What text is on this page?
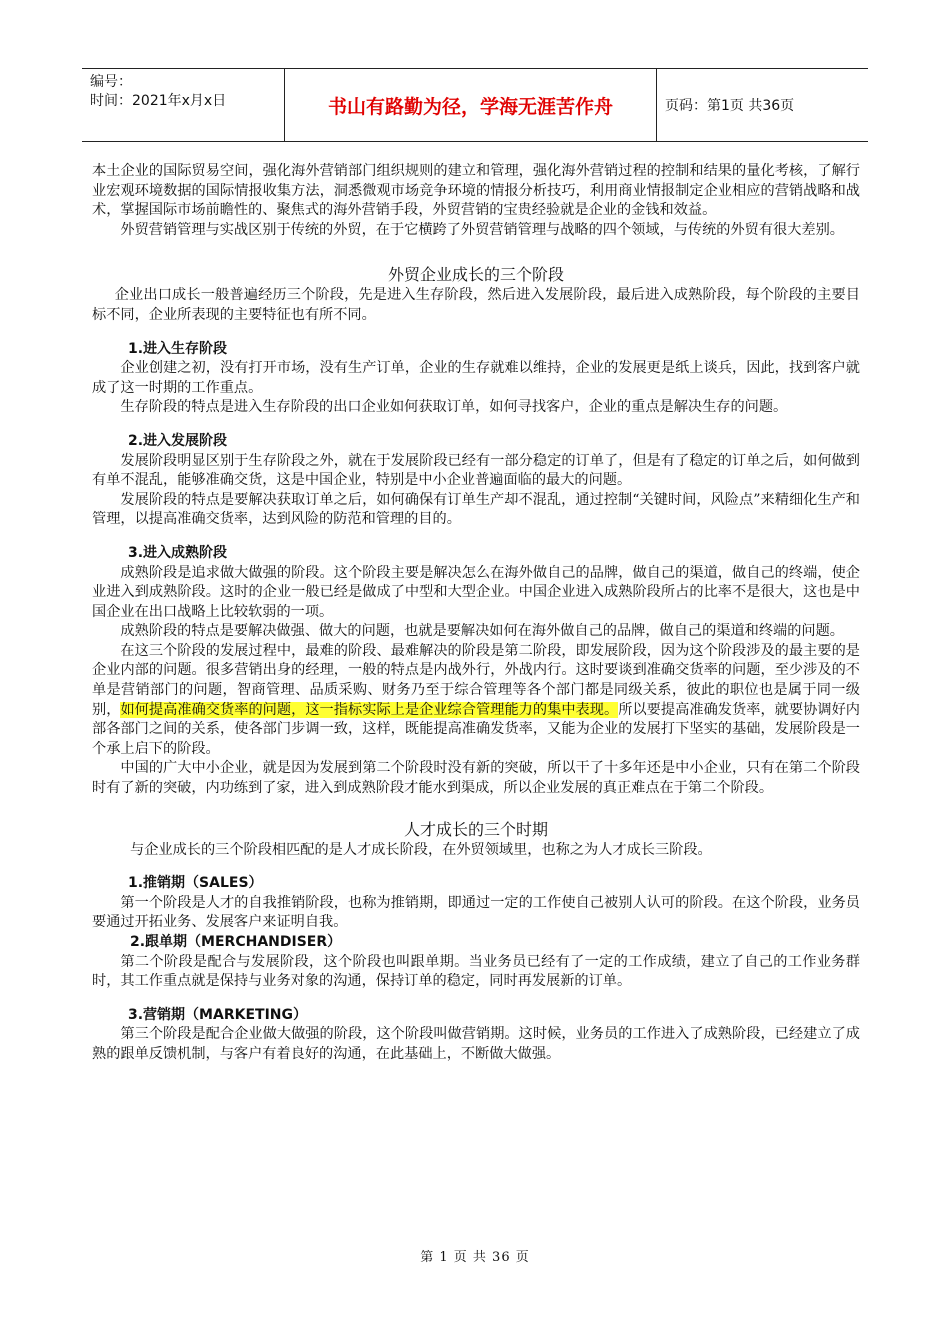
编号：
时间：2021年x月x日	书山有路勤为径，学海无涯苦作舟	页码：第1页 共36页

本土企业的国际贸易空间，强化海外营销部门组织规则的建立和管理，强化海外营销过程的控制和结果的量化考核，了解行业宏观环境数据的国际情报收集方法，洞悉微观市场竞争环境的情报分析技巧，利用商业情报制定企业相应的营销战略和战术，掌握国际市场前瞻性的、聚焦式的海外营销手段，外贸营销的宝贵经验就是企业的金钱和效益。

外贸营销管理与实战区别于传统的外贸，在于它横跨了外贸营销管理与战略的四个领域，与传统的外贸有很大差别。

外贸企业成长的三个阶段

企业出口成长一般普遍经历三个阶段，先是进入生存阶段，然后进入发展阶段，最后进入成熟阶段，每个阶段的主要目标不同，企业所表现的主要特征也有所不同。

1.进入生存阶段

企业创建之初，没有打开市场，没有生产订单，企业的生存就难以维持，企业的发展更是纸上谈兵，因此，找到客户就成了这一时期的工作重点。

生存阶段的特点是进入生存阶段的出口企业如何获取订单，如何寻找客户，企业的重点是解决生存的问题。

2.进入发展阶段

发展阶段明显区别于生存阶段之外，就在于发展阶段已经有一部分稳定的订单了，但是有了稳定的订单之后，如何做到有单不混乱，能够准确交货，这是中国企业，特别是中小企业普遍面临的最大的问题。

发展阶段的特点是要解决获取订单之后，如何确保有订单生产却不混乱，通过控制“关键时间，风险点”来精细化生产和管理，以提高准确交货率，达到风险的防范和管理的目的。

3.进入成熟阶段

成熟阶段是追求做大做强的阶段。这个阶段主要是解决怎么在海外做自己的品牌，做自己的渠道，做自己的终端，使企业进入到成熟阶段。这时的企业一般已经是做成了中型和大型企业。中国企业进入成熟阶段所占的比率不是很大，这也是中国企业在出口战略上比较软弱的一项。

成熟阶段的特点是要解决做强、做大的问题，也就是要解决如何在海外做自己的品牌，做自己的渠道和终端的问题。

在这三个阶段的发展过程中，最难的阶段、最难解决的阶段是第二阶段，即发展阶段，因为这个阶段涉及的最主要的是企业内部的问题。很多营销出身的经理，一般的特点是内战外行，外战内行。这时要谈到准确交货率的问题，至少涉及的不单是营销部门的问题，智商管理、品质采购、财务乃至于综合管理等各个部门都是同级关系，彼此的职位也是属于同一级别，如何提高准确交货率的问题，这一指标实际上是企业综合管理能力的集中表现。所以要提高准确发货率，就要协调好内部各部门之间的关系，使各部门步调一致，这样，既能提高准确发货率，又能为企业的发展打下坚实的基础，发展阶段是一个承上启下的阶段。

中国的广大中小企业，就是因为发展到第二个阶段时没有新的突破，所以干了十多年还是中小企业，只有在第二个阶段时有了新的突破，内功练到了家，进入到成熟阶段才能水到渠成，所以企业发展的真正难点在于第二个阶段。

人才成长的三个时期

与企业成长的三个阶段相匹配的是人才成长阶段，在外贸领域里，也称之为人才成长三阶段。

1.推销期（SALES）

第一个阶段是人才的自我推销阶段，也称为推销期，即通过一定的工作使自己被别人认可的阶段。在这个阶段，业务员要通过开拓业务、发展客户来证明自我。

2.跟单期（MERCHANDISER）

第二个阶段是配合与发展阶段，这个阶段也叫跟单期。当业务员已经有了一定的工作成绩，建立了自己的工作业务群时，其工作重点就是保持与业务对象的沟通，保持订单的稳定，同时再发展新的订单。

3.营销期（MARKETING）

第三个阶段是配合企业做大做强的阶段，这个阶段叫做营销期。这时候，业务员的工作进入了成熟阶段，已经建立了成熟的跟单反馈机制，与客户有着良好的沟通，在此基础上，不断做大做强。

第 1 页 共 36 页
